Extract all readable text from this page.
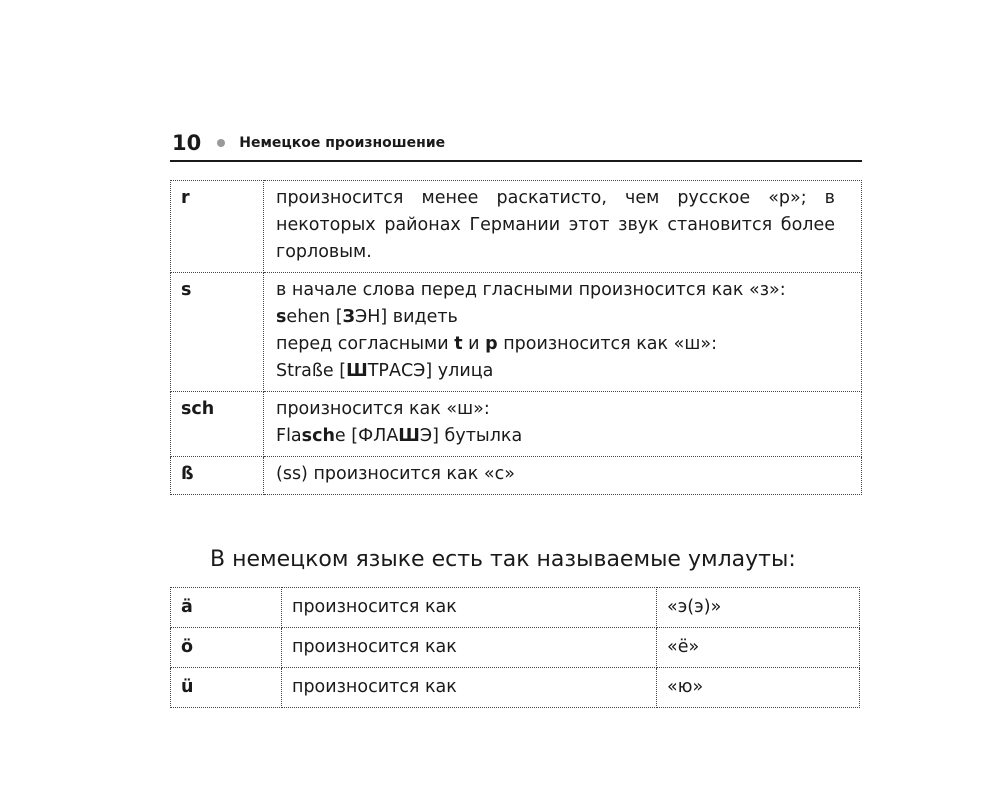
10	Немецкое произношение
r	произносится менее раскатисто, чем русское «р»; в некоторых районах Германии этот звук становится более горловым.
s	в начале слова перед гласными произносится как «з»:
sehen [ЗЭН] видеть
перед согласными t и p произносится как «ш»:
Straße [ШТРАСЭ] улица

sch	произносится как «ш»:
Flasche [ФЛАШЭ] бутылка

ß	(ss) произносится как «с»
В немецком языке есть так называемые умлауты:
ä	произносится как	«э(э)»
ö	произносится как	«ё»
ü	произносится как	«ю»
